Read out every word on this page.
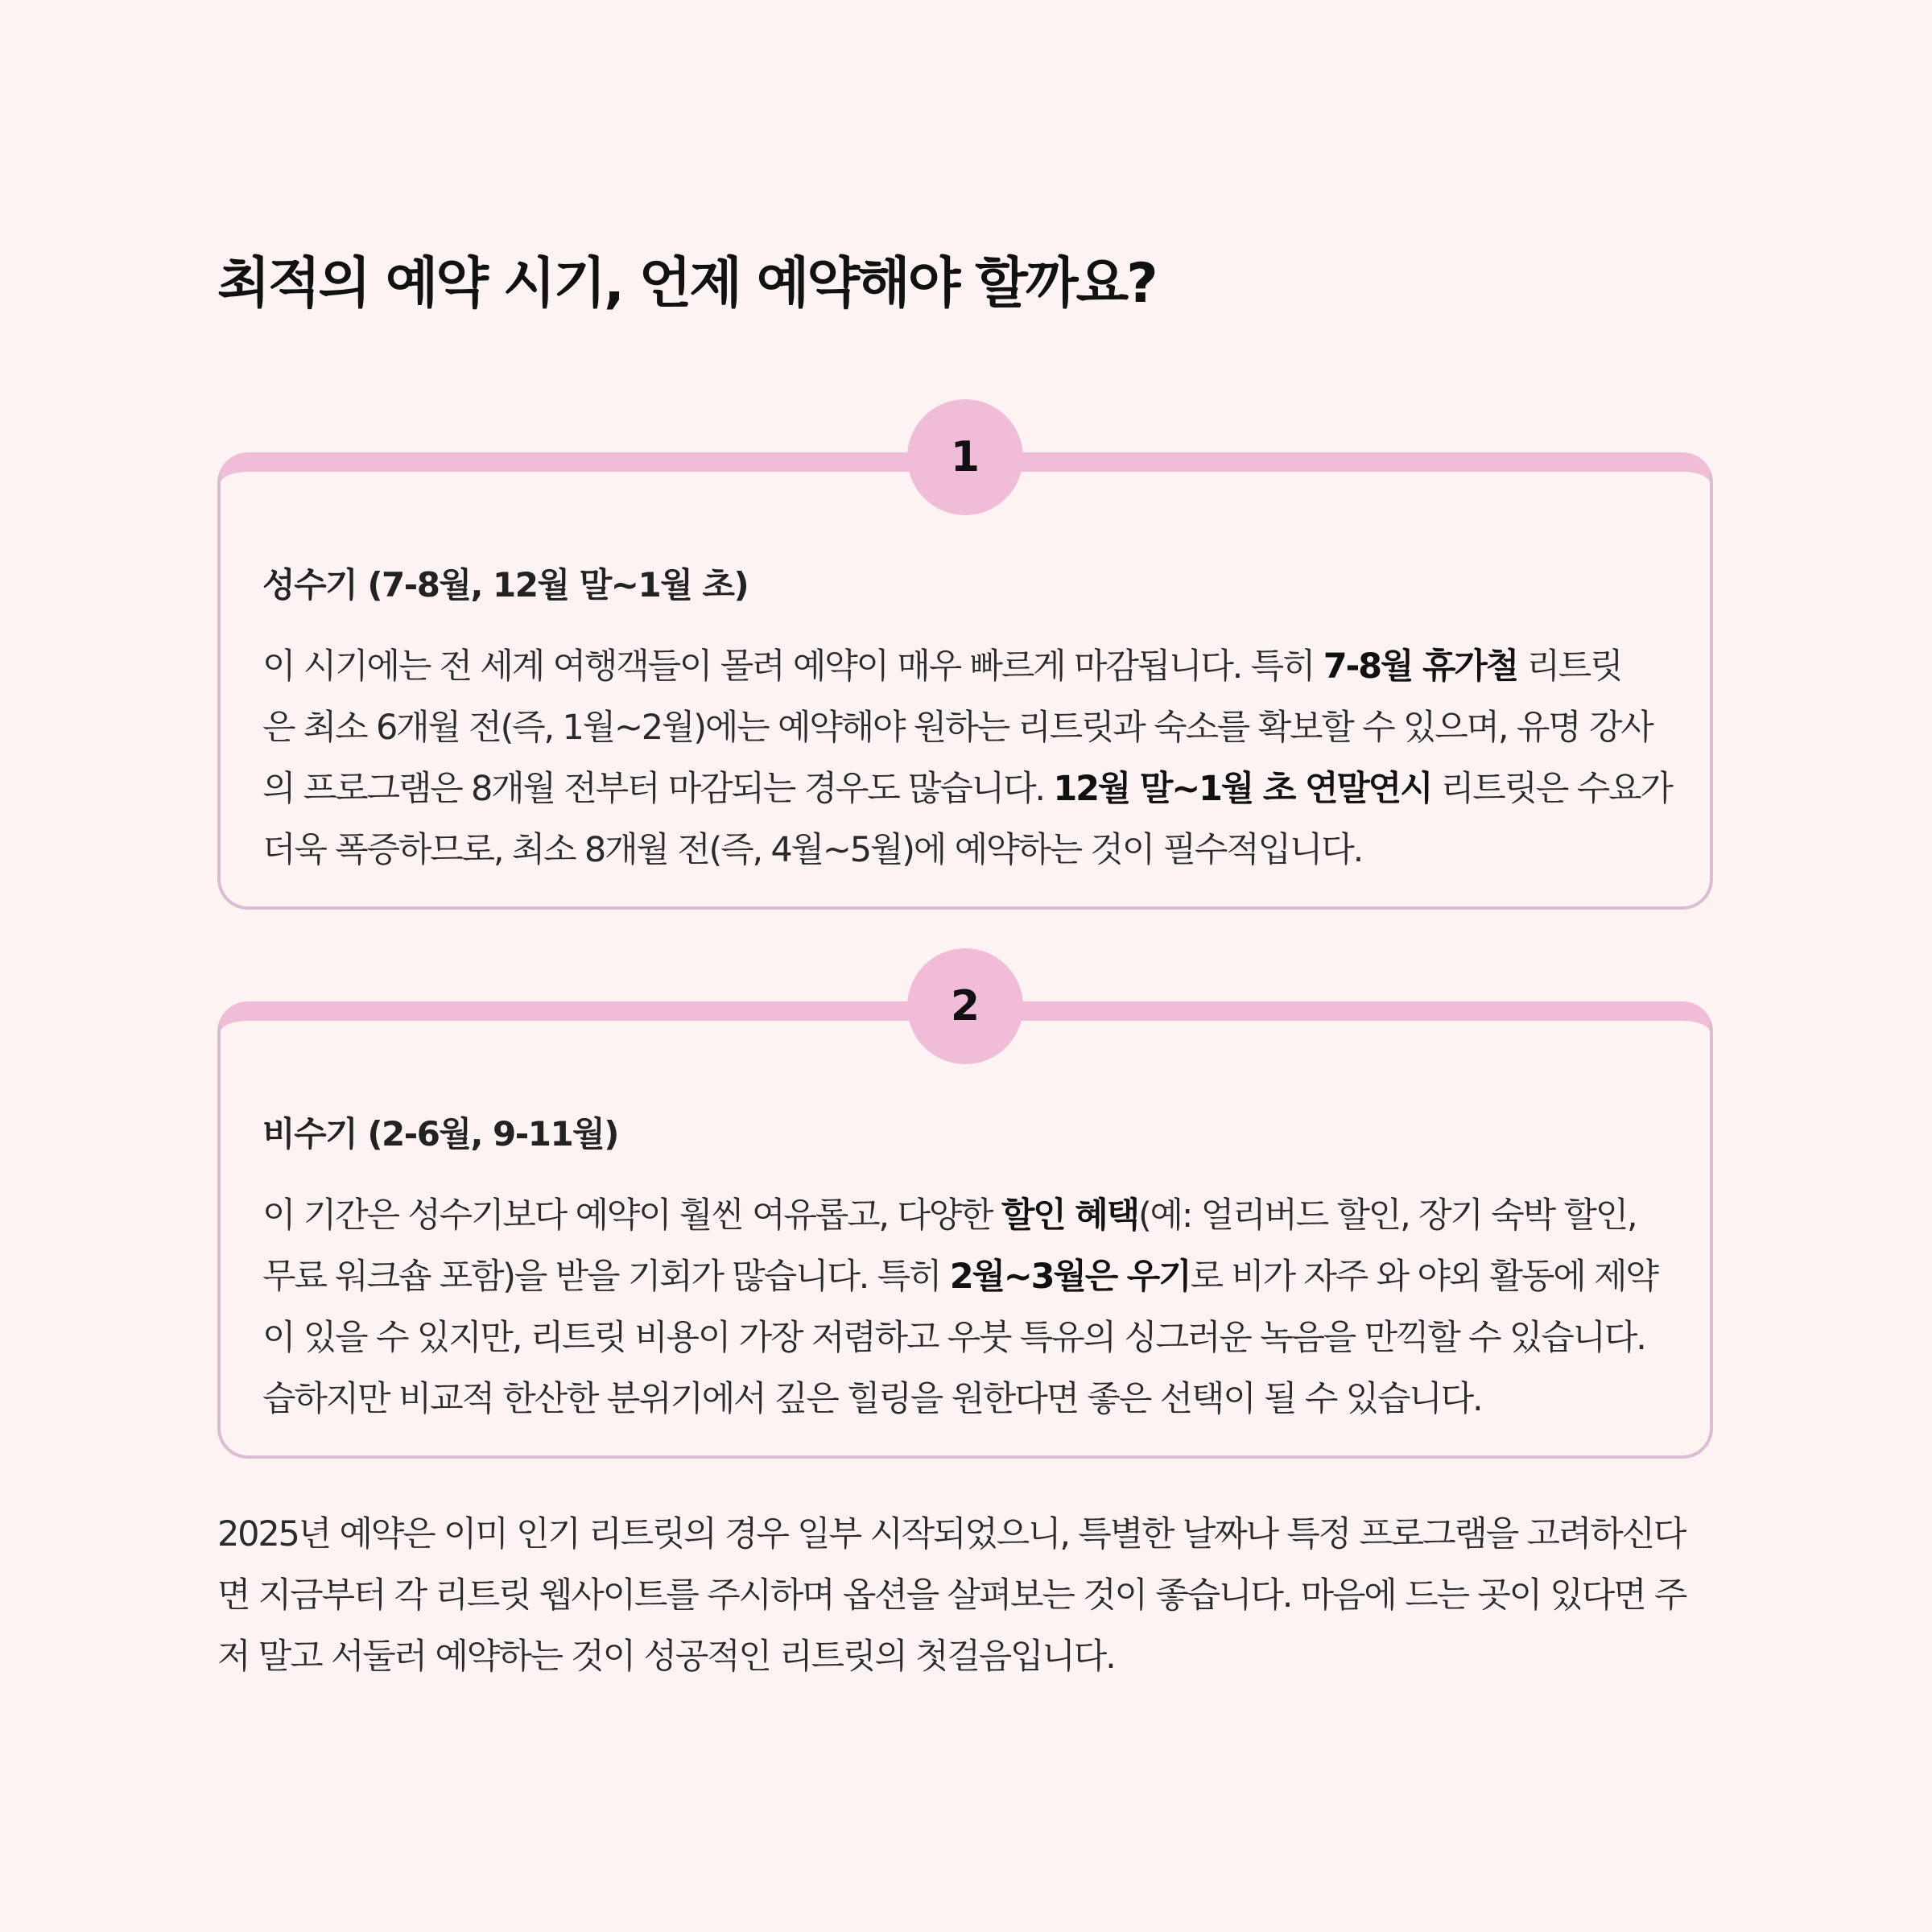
최적의 예약 시기, 언제 예약해야 할까요?
1
성수기 (7-8월, 12월 말~1월 초)
이 시기에는 전 세계 여행객들이 몰려 예약이 매우 빠르게 마감됩니다. 특히 7-8월 휴가철 리트릿
은 최소 6개월 전(즉, 1월~2월)에는 예약해야 원하는 리트릿과 숙소를 확보할 수 있으며, 유명 강사
의 프로그램은 8개월 전부터 마감되는 경우도 많습니다. 12월 말~1월 초 연말연시 리트릿은 수요가
더욱 폭증하므로, 최소 8개월 전(즉, 4월~5월)에 예약하는 것이 필수적입니다.
2
비수기 (2-6월, 9-11월)
이 기간은 성수기보다 예약이 훨씬 여유롭고, 다양한 할인 혜택(예: 얼리버드 할인, 장기 숙박 할인,
무료 워크숍 포함)을 받을 기회가 많습니다. 특히 2월~3월은 우기로 비가 자주 와 야외 활동에 제약
이 있을 수 있지만, 리트릿 비용이 가장 저렴하고 우붓 특유의 싱그러운 녹음을 만끽할 수 있습니다.
습하지만 비교적 한산한 분위기에서 깊은 힐링을 원한다면 좋은 선택이 될 수 있습니다.
2025년 예약은 이미 인기 리트릿의 경우 일부 시작되었으니, 특별한 날짜나 특정 프로그램을 고려하신다
면 지금부터 각 리트릿 웹사이트를 주시하며 옵션을 살펴보는 것이 좋습니다. 마음에 드는 곳이 있다면 주
저 말고 서둘러 예약하는 것이 성공적인 리트릿의 첫걸음입니다.
